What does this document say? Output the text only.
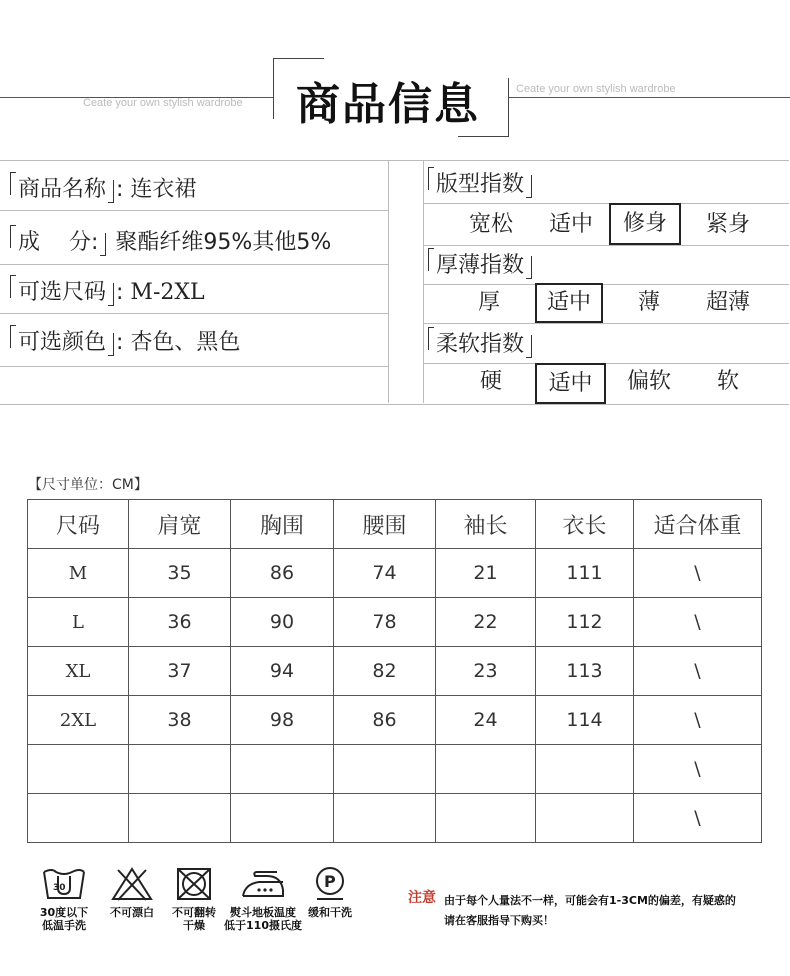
商品信息
Ceate your own stylish wardrobe
Ceate your own stylish wardrobe
商品名称 : 连衣裙
成　 分: 聚酯纤维95%其他5%
可选尺码 : M-2XL
可选颜色 : 杏色、黑色
版型指数
宽松	适中	修身	紧身
厚薄指数
厚	适中	薄	超薄
柔软指数
硬	适中	偏软	软
【尺寸单位：CM】
尺码	肩宽	胸围	腰围	袖长	衣长	适合体重
M	35	86	74	21	111	\
L	36	90	78	22	112	\
XL	37	94	82	23	113	\
2XL	38	98	86	24	114	\
						\
						\
30
30度以下
低温手洗
不可漂白	不可翻转
干燥
熨斗地板温度
低于110摄氏度
P
缓和干洗
注意 由于每个人量法不一样，可能会有1-3CM的偏差，有疑惑的
请在客服指导下购买！
